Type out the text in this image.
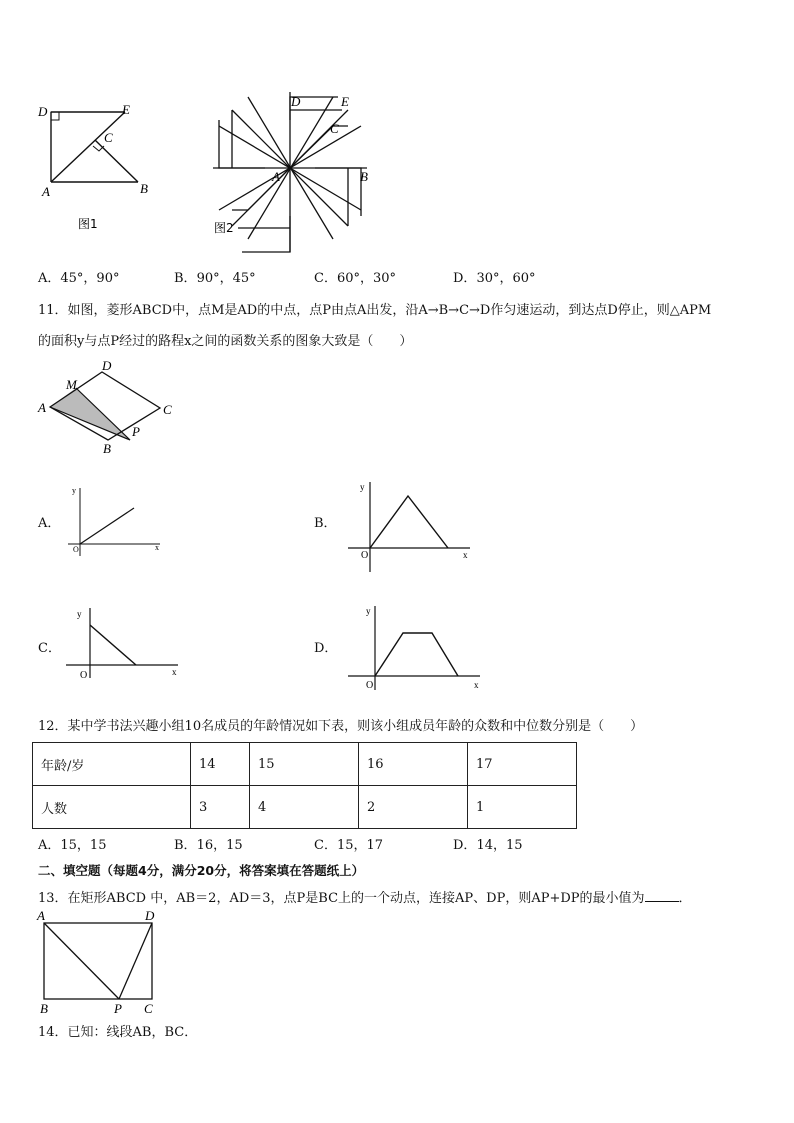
D	E
C
A	B
图1
D	E
C
A	B
图2
A．45°，90°	B．90°，45°	C．60°，30°	D．30°，60°
11．如图，菱形ABCD中，点M是AD的中点，点P由点A出发，沿A→B→C→D作匀速运动，到达点D停止，则△APM
的面积y与点P经过的路程x之间的函数关系的图象大致是（　　）
A
D
M
C
P
B
y
x
O
y
x
O
y
x
O
A．	B．
C．	D．
y
x
O
12．某中学书法兴趣小组10名成员的年龄情况如下表，则该小组成员年龄的众数和中位数分别是（　　）
年龄/岁	14	15	16	17
人数	3	4	2	1
A．15，15	B．16，15	C．15，17	D．14，15
二、填空题（每题4分，满分20分，将答案填在答题纸上）
13．在矩形ABCD 中，AB＝2，AD＝3，点P是BC上的一个动点，连接AP、DP，则AP+DP的最小值为	．
A	D
B	P C
14．已知：线段AB，BC．
